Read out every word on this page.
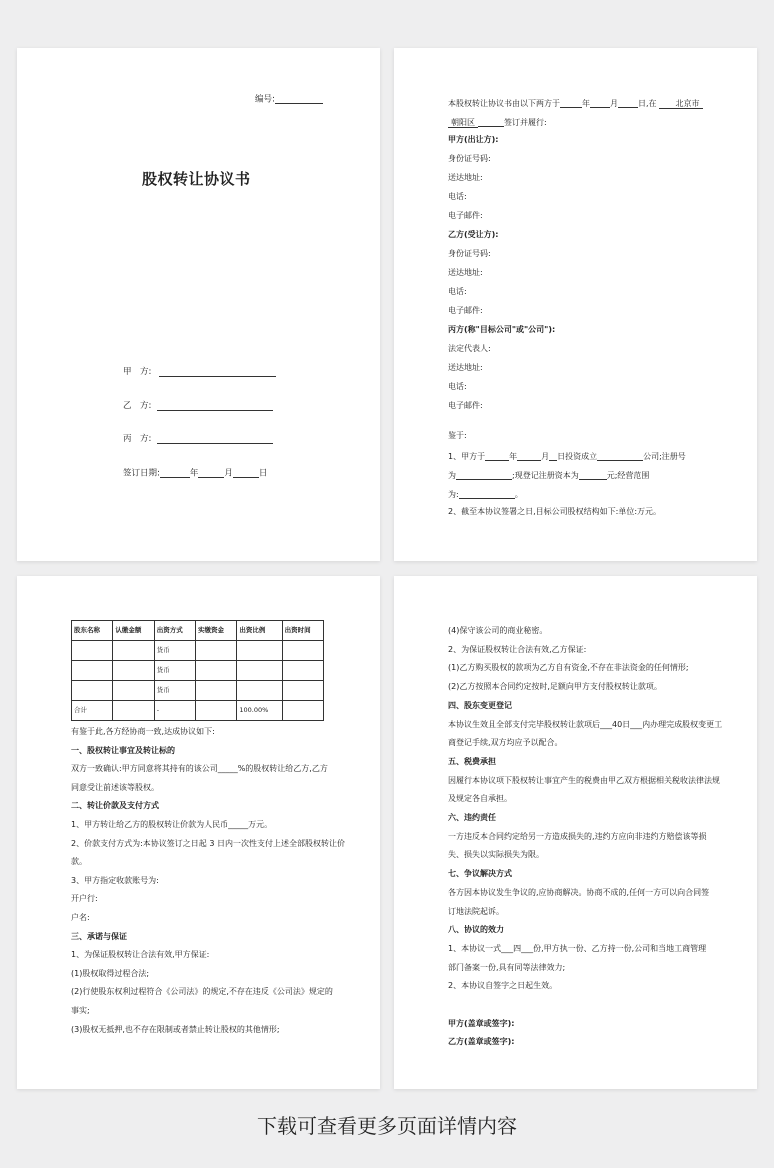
编号:
股权转让协议书
甲　方:
乙　方:
丙　方:
签订日期:	年	月	日
本股权转让协议书由以下两方于	年	月	日,在 北京市
朝阳区	签订并履行:
甲方(出让方):
身份证号码:
送达地址:
电话:
电子邮件:
乙方(受让方):
身份证号码:
送达地址:
电话:
电子邮件:
丙方(称"目标公司"或"公司"):
法定代表人:
送达地址:
电话:
电子邮件:
鉴于:
1、甲方于	年	月 日投资成立	公司;注册号
为	;现登记注册资本为	元;经营范围
为:	。
2、截至本协议签署之日,目标公司股权结构如下:单位:万元。
股东名称	认缴金额	出资方式	实缴资金	出资比例	出资时间
		货币			
		货币			
		货币			
合计		-		100.00%	
有鉴于此,各方经协商一致,达成协议如下:
一、股权转让事宜及转让标的
双方一致确认:甲方同意将其持有的该公司_____%的股权转让给乙方,乙方
同意受让前述该等股权。
二、转让价款及支付方式
1、甲方转让给乙方的股权转让价款为人民币_____万元。
2、价款支付方式为:本协议签订之日起 3 日内一次性支付上述全部股权转让价
款。
3、甲方指定收款账号为:
开户行:
户名:
三、承诺与保证
1、为保证股权转让合法有效,甲方保证:
(1)股权取得过程合法;
(2)行使股东权利过程符合《公司法》的规定,不存在违反《公司法》规定的
事实;
(3)股权无抵押,也不存在限制或者禁止转让股权的其他情形;
(4)保守该公司的商业秘密。
2、为保证股权转让合法有效,乙方保证:
(1)乙方购买股权的款项为乙方自有资金,不存在非法资金的任何情形;
(2)乙方按照本合同约定按时,足额向甲方支付股权转让款项。
四、股东变更登记
本协议生效且全部支付完毕股权转让款项后___40日___内办理完成股权变更工
商登记手续,双方均应予以配合。
五、税费承担
因履行本协议项下股权转让事宜产生的税费由甲乙双方根据相关税收法律法规
及规定各自承担。
六、违约责任
一方违反本合同约定给另一方造成损失的,违约方应向非违约方赔偿该等损
失、损失以实际损失为限。
七、争议解决方式
各方因本协议发生争议的,应协商解决。协商不成的,任何一方可以向合同签
订地法院起诉。
八、协议的效力
1、本协议一式___四___份,甲方执一份、乙方持一份,公司和当地工商管理
部门备案一份,具有同等法律效力;
2、本协议自签字之日起生效。
甲方(盖章或签字):
乙方(盖章或签字):
下载可查看更多页面详情内容
